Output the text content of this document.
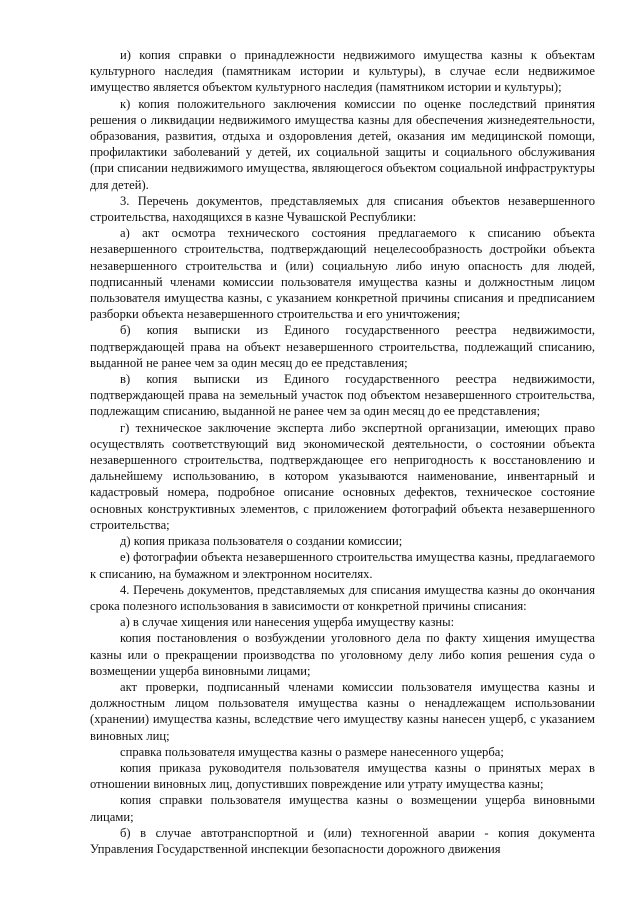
и) копия справки о принадлежности недвижимого имущества казны к объектам культурного наследия (памятникам истории и культуры), в случае если недвижимое имущество является объектом культурного наследия (памятником истории и культуры);

к) копия положительного заключения комиссии по оценке последствий принятия решения о ликвидации недвижимого имущества казны для обеспечения жизнедеятельности, образования, развития, отдыха и оздоровления детей, оказания им медицинской помощи, профилактики заболеваний у детей, их социальной защиты и социального обслуживания (при списании недвижимого имущества, являющегося объектом социальной инфраструктуры для детей).

3. Перечень документов, представляемых для списания объектов незавершенного строительства, находящихся в казне Чувашской Республики:

а) акт осмотра технического состояния предлагаемого к списанию объекта незавершенного строительства, подтверждающий нецелесообразность достройки объекта незавершенного строительства и (или) социальную либо иную опасность для людей, подписанный членами комиссии пользователя имущества казны и должностным лицом пользователя имущества казны, с указанием конкретной причины списания и предписанием разборки объекта незавершенного строительства и его уничтожения;

б) копия выписки из Единого государственного реестра недвижимости, подтверждающей права на объект незавершенного строительства, подлежащий списанию, выданной не ранее чем за один месяц до ее представления;

в) копия выписки из Единого государственного реестра недвижимости, подтверждающей права на земельный участок под объектом незавершенного строительства, подлежащим списанию, выданной не ранее чем за один месяц до ее представления;

г) техническое заключение эксперта либо экспертной организации, имеющих право осуществлять соответствующий вид экономической деятельности, о состоянии объекта незавершенного строительства, подтверждающее его непригодность к восстановлению и дальнейшему использованию, в котором указываются наименование, инвентарный и кадастровый номера, подробное описание основных дефектов, техническое состояние основных конструктивных элементов, с приложением фотографий объекта незавершенного строительства;

д) копия приказа пользователя о создании комиссии;

е) фотографии объекта незавершенного строительства имущества казны, предлагаемого к списанию, на бумажном и электронном носителях.

4. Перечень документов, представляемых для списания имущества казны до окончания срока полезного использования в зависимости от конкретной причины списания:

а) в случае хищения или нанесения ущерба имуществу казны:

копия постановления о возбуждении уголовного дела по факту хищения имущества казны или о прекращении производства по уголовному делу либо копия решения суда о возмещении ущерба виновными лицами;

акт проверки, подписанный членами комиссии пользователя имущества казны и должностным лицом пользователя имущества казны о ненадлежащем использовании (хранении) имущества казны, вследствие чего имуществу казны нанесен ущерб, с указанием виновных лиц;

справка пользователя имущества казны о размере нанесенного ущерба;

копия приказа руководителя пользователя имущества казны о принятых мерах в отношении виновных лиц, допустивших повреждение или утрату имущества казны;

копия справки пользователя имущества казны о возмещении ущерба виновными лицами;

б) в случае автотранспортной и (или) техногенной аварии - копия документа Управления Государственной инспекции безопасности дорожного движения
